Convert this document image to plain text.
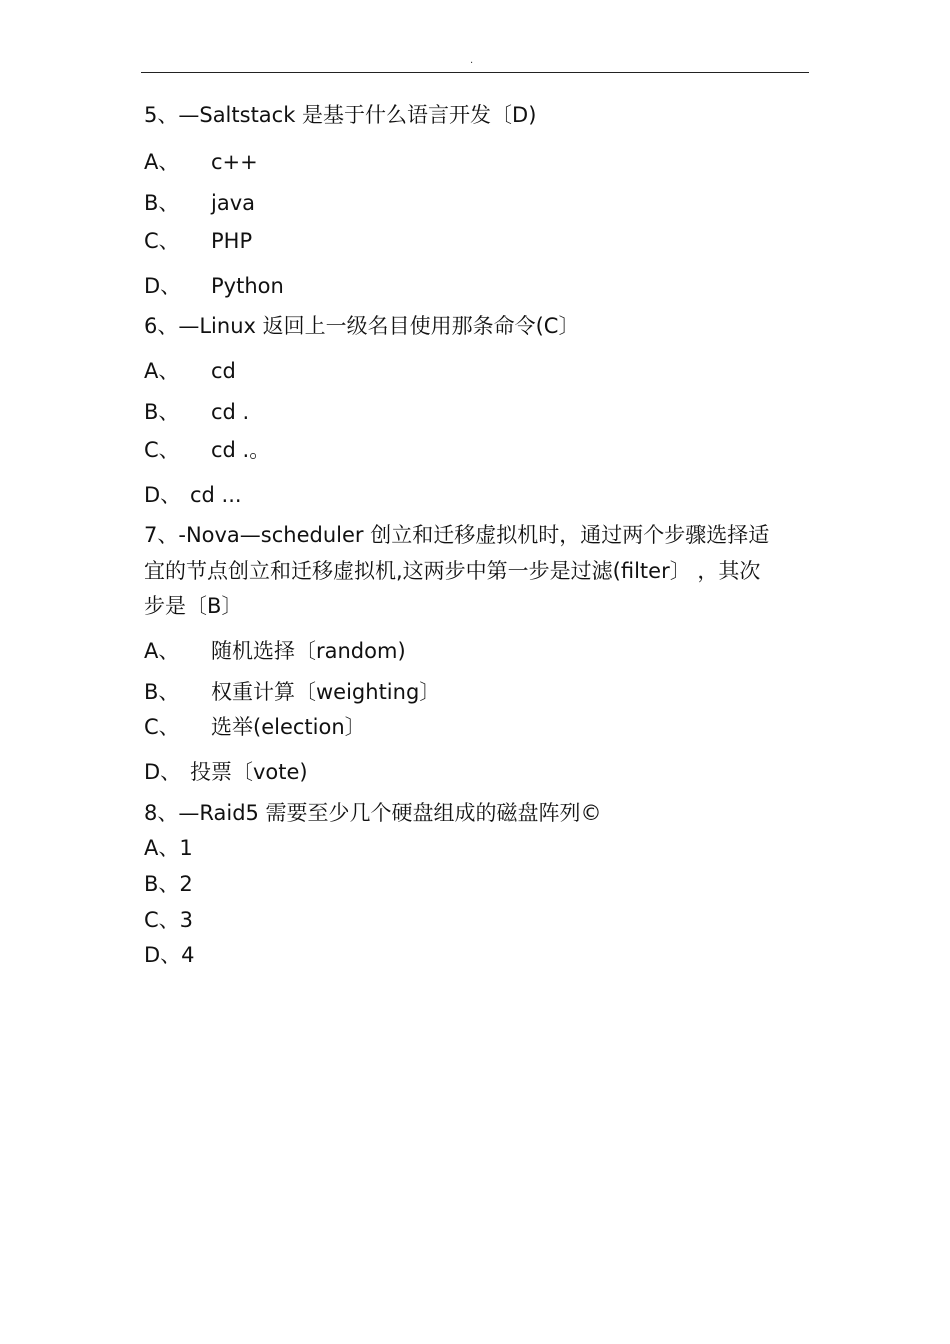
.
5、—Saltstack 是基于什么语言开发〔D)
A、 c++
B、 java
C、 PHP
D、 Python
6、—Linux 返回上一级名目使用那条命令(C〕
A、 cd
B、 cd .
C、 cd .。
D、 cd ...
7、-Nova—scheduler 创立和迁移虚拟机时，通过两个步骤选择适
宜的节点创立和迁移虚拟机,这两步中第一步是过滤(filter〕 ，其次
步是〔B〕
A、 随机选择〔random)
B、 权重计算〔weighting〕
C、 选举(election〕
D、 投票〔vote)
8、—Raid5 需要至少几个硬盘组成的磁盘阵列©
A、1
B、2
C、3
D、4
